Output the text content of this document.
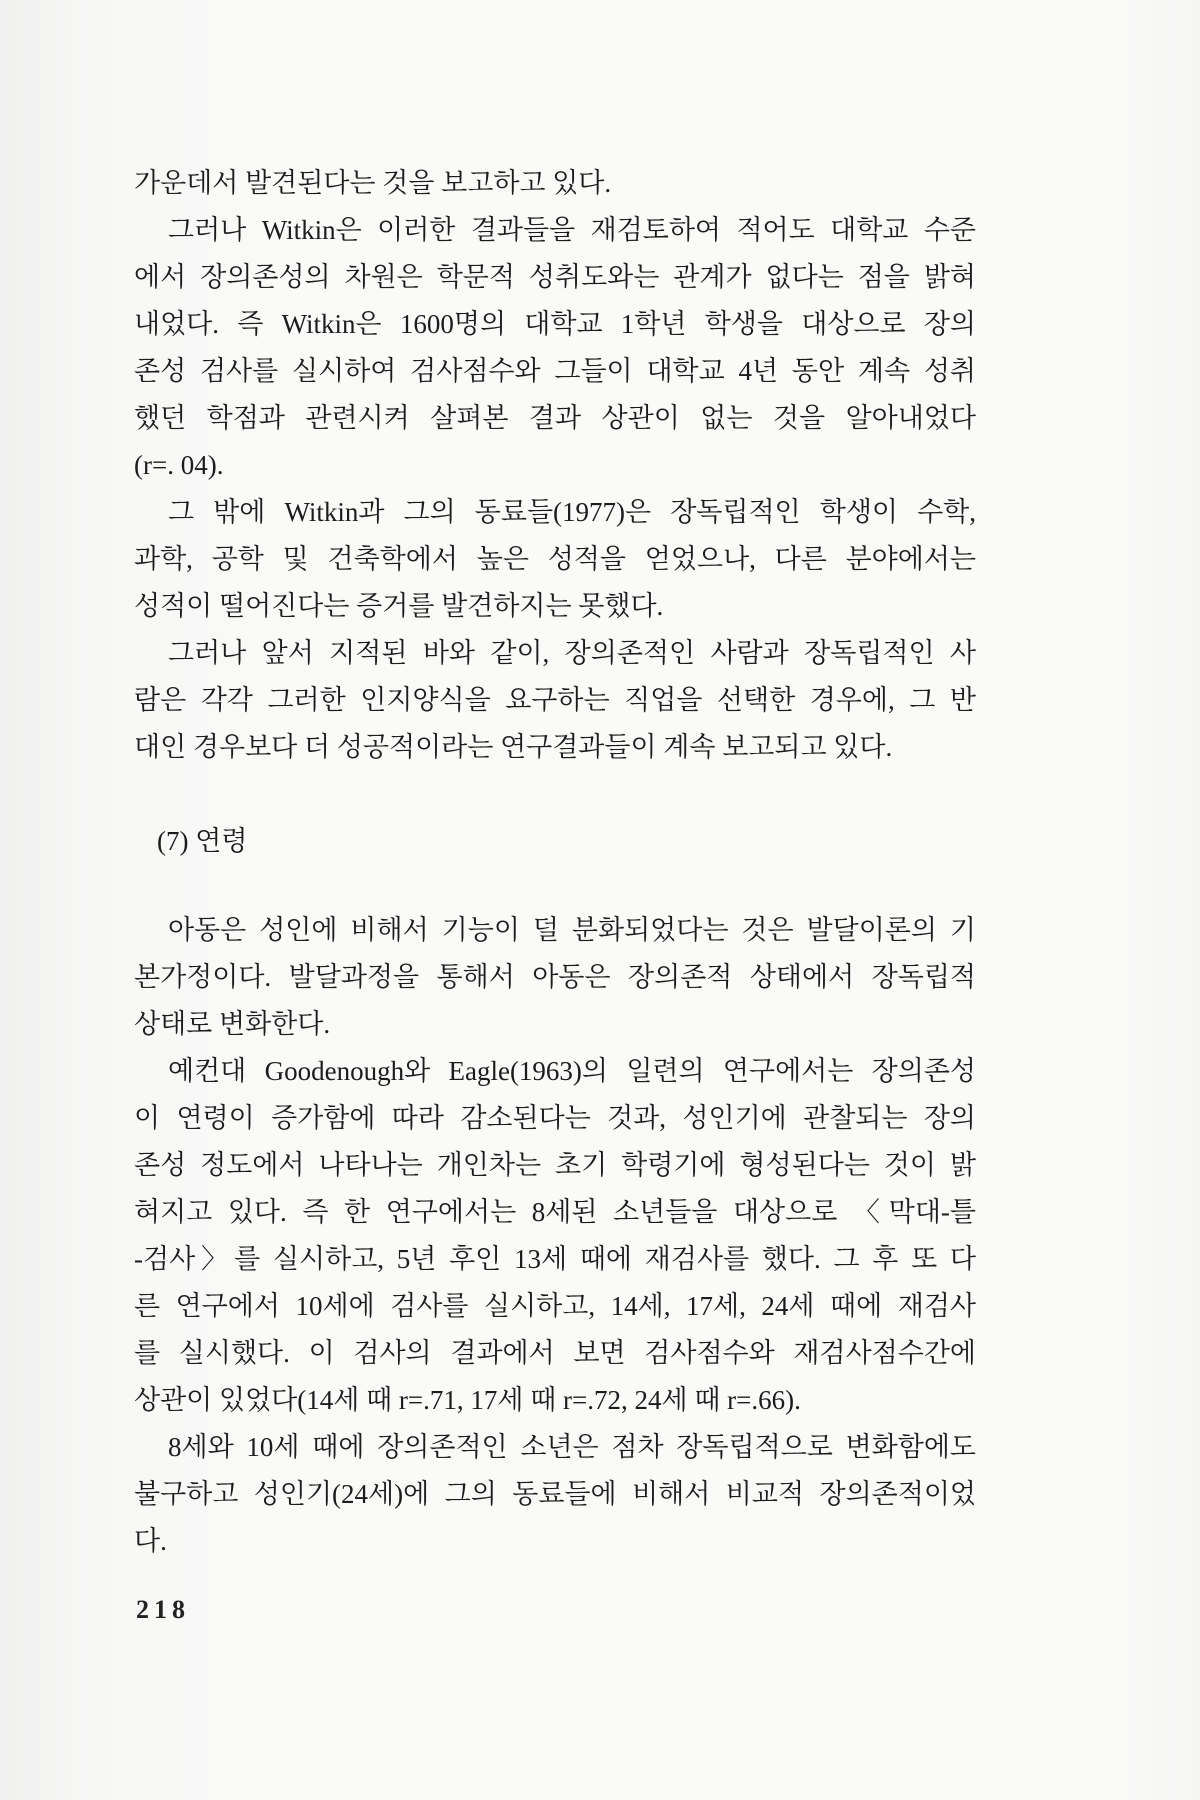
가운데서 발견된다는 것을 보고하고 있다.
그러나 Witkin은 이러한 결과들을 재검토하여 적어도 대학교 수준
에서 장의존성의 차원은 학문적 성취도와는 관계가 없다는 점을 밝혀
내었다. 즉 Witkin은 1600명의 대학교 1학년 학생을 대상으로 장의
존성 검사를 실시하여 검사점수와 그들이 대학교 4년 동안 계속 성취
했던 학점과 관련시켜 살펴본 결과 상관이 없는 것을 알아내었다
(r=. 04).
그 밖에 Witkin과 그의 동료들(1977)은 장독립적인 학생이 수학,
과학, 공학 및 건축학에서 높은 성적을 얻었으나, 다른 분야에서는
성적이 떨어진다는 증거를 발견하지는 못했다.
그러나 앞서 지적된 바와 같이, 장의존적인 사람과 장독립적인 사
람은 각각 그러한 인지양식을 요구하는 직업을 선택한 경우에, 그 반
대인 경우보다 더 성공적이라는 연구결과들이 계속 보고되고 있다.
(7) 연령
아동은 성인에 비해서 기능이 덜 분화되었다는 것은 발달이론의 기
본가정이다. 발달과정을 통해서 아동은 장의존적 상태에서 장독립적
상태로 변화한다.
예컨대 Goodenough와 Eagle(1963)의 일련의 연구에서는 장의존성
이 연령이 증가함에 따라 감소된다는 것과, 성인기에 관찰되는 장의
존성 정도에서 나타나는 개인차는 초기 학령기에 형성된다는 것이 밝
혀지고 있다. 즉 한 연구에서는 8세된 소년들을 대상으로 〈막대-틀
-검사〉를 실시하고, 5년 후인 13세 때에 재검사를 했다. 그 후 또 다
른 연구에서 10세에 검사를 실시하고, 14세, 17세, 24세 때에 재검사
를 실시했다. 이 검사의 결과에서 보면 검사점수와 재검사점수간에
상관이 있었다(14세 때 r=.71, 17세 때 r=.72, 24세 때 r=.66).
8세와 10세 때에 장의존적인 소년은 점차 장독립적으로 변화함에도
불구하고 성인기(24세)에 그의 동료들에 비해서 비교적 장의존적이었
다.
218
